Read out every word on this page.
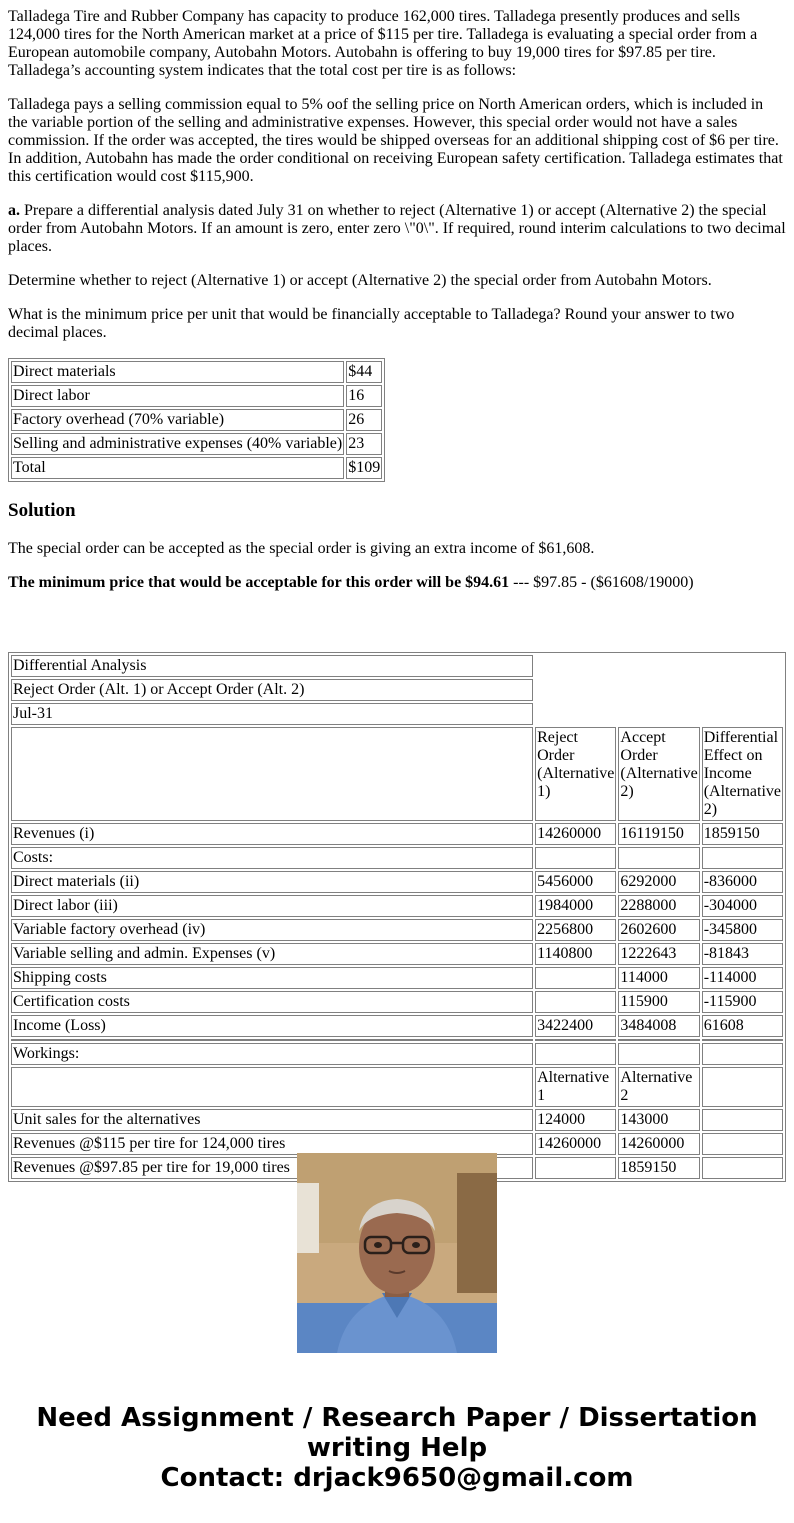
Talladega Tire and Rubber Company has capacity to produce 162,000 tires. Talladega presently produces and sells 124,000 tires for the North American market at a price of $115 per tire. Talladega is evaluating a special order from a European automobile company, Autobahn Motors. Autobahn is offering to buy 19,000 tires for $97.85 per tire. Talladega’s accounting system indicates that the total cost per tire is as follows:

Talladega pays a selling commission equal to 5% oof the selling price on North American orders, which is included in the variable portion of the selling and administrative expenses. However, this special order would not have a sales commission. If the order was accepted, the tires would be shipped overseas for an additional shipping cost of $6 per tire. In addition, Autobahn has made the order conditional on receiving European safety certification. Talladega estimates that this certification would cost $115,900.

a. Prepare a differential analysis dated July 31 on whether to reject (Alternative 1) or accept (Alternative 2) the special order from Autobahn Motors. If an amount is zero, enter zero \"0\". If required, round interim calculations to two decimal places.

Determine whether to reject (Alternative 1) or accept (Alternative 2) the special order from Autobahn Motors.

What is the minimum price per unit that would be financially acceptable to Talladega? Round your answer to two decimal places.

Direct materials	$44
Direct labor	16
Factory overhead (70% variable)	26
Selling and administrative expenses (40% variable)	23
Total	$109
Solution

The special order can be accepted as the special order is giving an extra income of $61,608.

The minimum price that would be acceptable for this order will be $94.61 --- $97.85 - ($61608/19000)

Differential Analysis			
Reject Order (Alt. 1) or Accept Order (Alt. 2)			
Jul-31			
	Reject Order (Alternative 1)	Accept Order (Alternative 2)	Differential Effect on Income (Alternative 2)
Revenues (i)	14260000	16119150	1859150
Costs:			
Direct materials (ii)	5456000	6292000	-836000
Direct labor (iii)	1984000	2288000	-304000
Variable factory overhead (iv)	2256800	2602600	-345800
Variable selling and admin. Expenses (v)	1140800	1222643	-81843
Shipping costs		114000	-114000
Certification costs		115900	-115900
Income (Loss)	3422400	3484008	61608

Workings:			
	Alternative 1	Alternative 2	
Unit sales for the alternatives	124000	143000	
Revenues @$115 per tire for 124,000 tires	14260000	14260000	
Revenues @$97.85 per tire for 19,000 tires		1859150	
Need Assignment / Research Paper / Dissertation
writing Help
Contact: drjack9650@gmail.com
